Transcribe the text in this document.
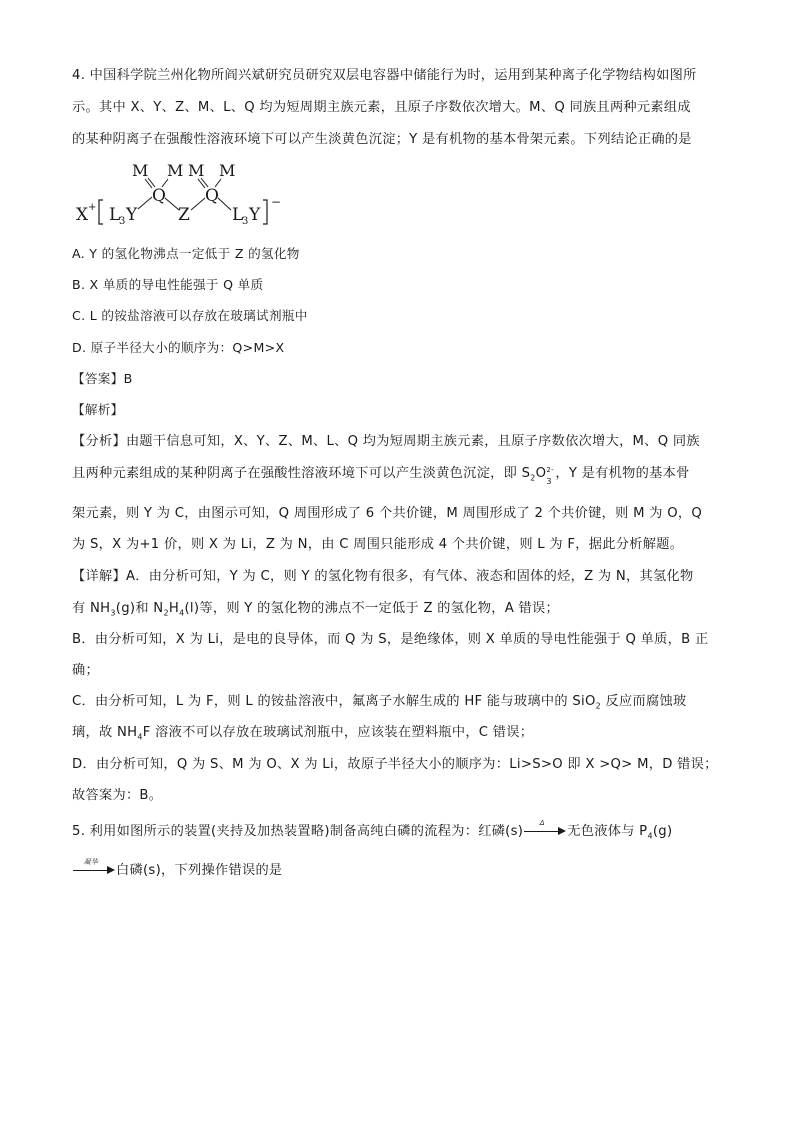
4. 中国科学院兰州化物所阎兴斌研究员研究双层电容器中储能行为时，运用到某种离子化学物结构如图所
示。其中 X、Y、Z、M、L、Q 均为短周期主族元素，且原子序数依次增大。M、Q 同族且两种元素组成
的某种阴离子在强酸性溶液环境下可以产生淡黄色沉淀；Y 是有机物的基本骨架元素。下列结论正确的是
X + L
3 Y
Q
M M
Z
Q
M M
L
3 Y
−
A. Y 的氢化物沸点一定低于 Z 的氢化物
B. X 单质的导电性能强于 Q 单质
C. L 的铵盐溶液可以存放在玻璃试剂瓶中
D. 原子半径大小的顺序为：Q>M>X
【答案】B
【解析】
【分析】由题干信息可知，X、Y、Z、M、L、Q 均为短周期主族元素，且原子序数依次增大，M、Q 同族
且两种元素组成的某种阴离子在强酸性溶液环境下可以产生淡黄色沉淀，即 $S_2O$ 2-
3
，Y 是有机物的基本骨
架元素，则 Y 为 C，由图示可知，Q 周围形成了 6 个共价键，M 周围形成了 2 个共价键，则 M 为 O，Q
为 S，X 为+1 价，则 X 为 Li，Z 为 N，由 C 周围只能形成 4 个共价键，则 L 为 F，据此分析解题。
【详解】A．由分析可知，Y 为 C，则 Y 的氢化物有很多，有气体、液态和固体的烃，Z 为 N，其氢化物
有 $NH_3(g)$和 $N_2H_4(l)$等，则 Y 的氢化物的沸点不一定低于 Z 的氢化物，A 错误；
B．由分析可知，X 为 Li，是电的良导体，而 Q 为 S，是绝缘体，则 X 单质的导电性能强于 Q 单质，B 正
确；
C．由分析可知，L 为 F，则 L 的铵盐溶液中，氟离子水解生成的 HF 能与玻璃中的 SiO$_2$ 反应而腐蚀玻
璃，故 $NH_4F$ 溶液不可以存放在玻璃试剂瓶中，应该装在塑料瓶中，C 错误；
D．由分析可知，Q 为 S、M 为 O、X 为 Li，故原子半径大小的顺序为：Li>S>O 即 X >Q> M，D 错误；
故答案为：B。
5. 利用如图所示的装置(夹持及加热装置略)制备高纯白磷的流程为：红磷(s)
Δ
无色液体与 $P_4(g)$
凝华
白磷(s)，下列操作错误的是
